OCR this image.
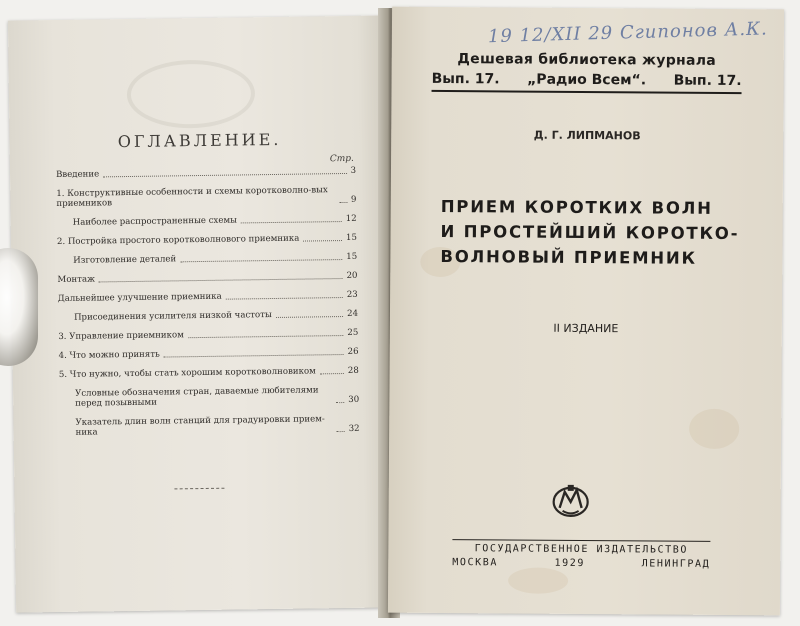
ОГЛАВЛЕНИЕ.
Стр.
Введение	3
1. Конструктивные особенности и схемы коротковолно-вых приемников	9
Наиболее распространенные схемы	12
2. Постройка простого коротковолнового приемника	15
Изготовление деталей	15
Монтаж	20
Дальнейшее улучшение приемника	23
Присоединения усилителя низкой частоты	24
3. Управление приемником	25
4. Что можно принять	26
5. Что нужно, чтобы стать хорошим коротковолновиком	28
Условные обозначения стран, даваемые любителями перед позывными	30
Указатель длин волн станций для градуировки прием-ника	32
19 12/XII 29 Сгипонов А.К.
Дешевая библиотека журнала
Вып. 17. „Радио Всем“. Вып. 17.
Д. Г. ЛИПМАНОВ
ПРИЕМ КОРОТКИХ ВОЛН
И ПРОСТЕЙШИЙ КОРОТКО-
ВОЛНОВЫЙ ПРИЕМНИК
II ИЗДАНИЕ
ГОСУДАРСТВЕННОЕ ИЗДАТЕЛЬСТВО
МОСКВА	1929	ЛЕНИНГРАД
